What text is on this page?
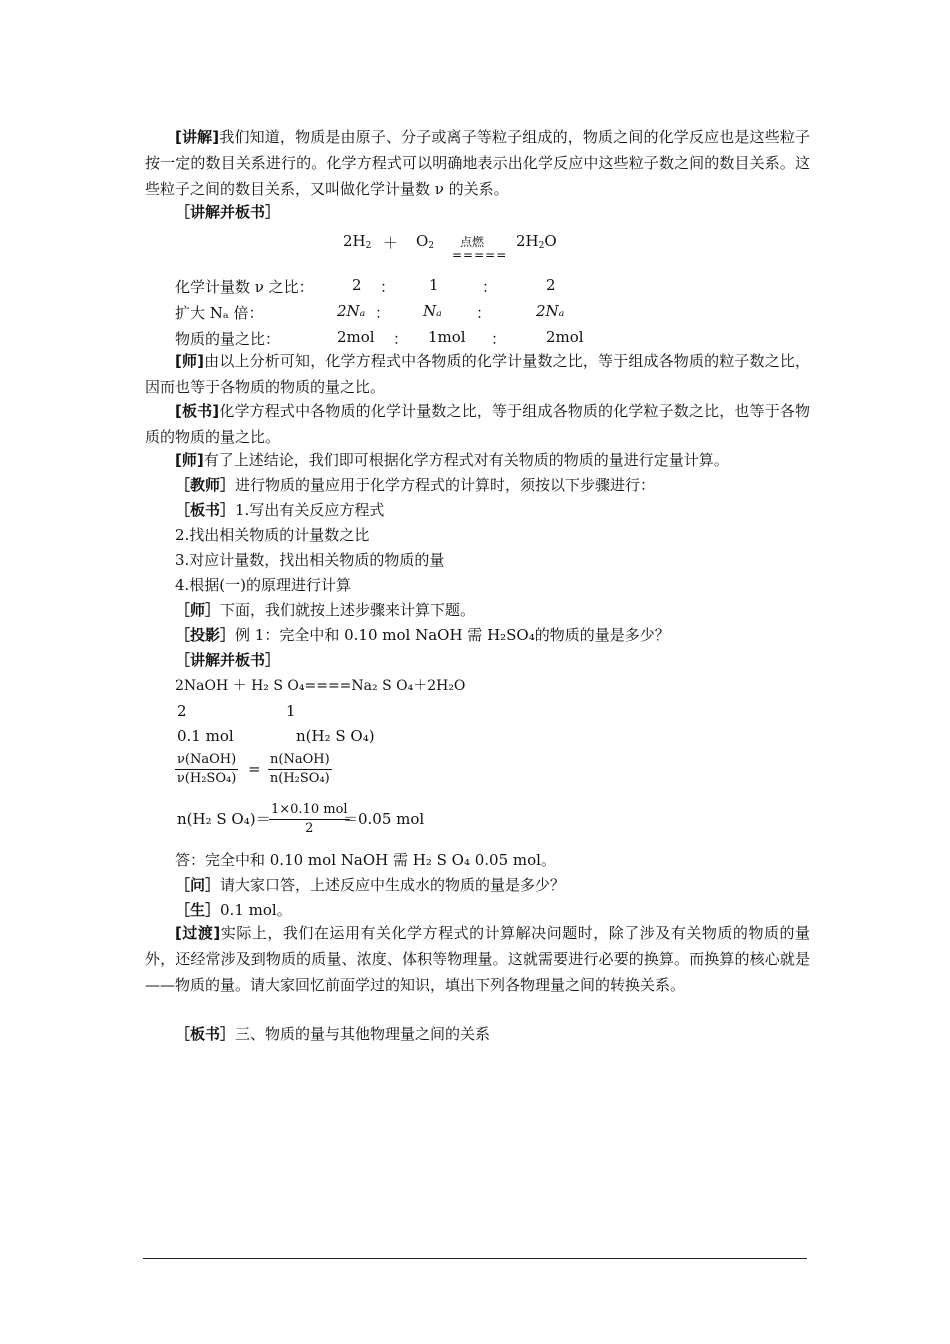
[讲解]我们知道，物质是由原子、分子或离子等粒子组成的，物质之间的化学反应也是这些粒子按一定的数目关系进行的。化学方程式可以明确地表示出化学反应中这些粒子数之间的数目关系。这些粒子之间的数目关系，又叫做化学计量数 ν 的关系。
［讲解并板书］
$2H_2 + O_2$ 点燃
=====
$2H_2O$
化学计量数 ν 之比：	2 ： 1	：	2
扩大 Nₐ 倍：	2Nₐ ： Nₐ ：	2Nₐ
物质的量之比：	2mol ： 1mol ：	2mol
[师]由以上分析可知，化学方程式中各物质的化学计量数之比，等于组成各物质的粒子数之比，因而也等于各物质的物质的量之比。
[板书]化学方程式中各物质的化学计量数之比，等于组成各物质的化学粒子数之比，也等于各物质的物质的量之比。
[师]有了上述结论，我们即可根据化学方程式对有关物质的物质的量进行定量计算。
［教师］进行物质的量应用于化学方程式的计算时，须按以下步骤进行：
［板书］1.写出有关反应方程式
2.找出相关物质的计量数之比
3.对应计量数，找出相关物质的物质的量
4.根据(一)的原理进行计算
［师］下面，我们就按上述步骤来计算下题。
［投影］例 1：完全中和 0.10 mol NaOH 需 H₂SO₄的物质的量是多少？
［讲解并板书］
2NaOH ＋ H₂ S O₄====Na₂ S O₄＋2H₂O
2	1
0.1 mol	n(H₂ S O₄)
ν(NaOH)
ν(H₂SO₄)
=
n(NaOH)
n(H₂SO₄)
n(H₂ S O₄)＝
1×0.10 mol
2
＝0.05 mol
答：完全中和 0.10 mol NaOH 需 H₂ S O₄ 0.05 mol。
［问］请大家口答，上述反应中生成水的物质的量是多少？
［生］0.1 mol。
[过渡]实际上，我们在运用有关化学方程式的计算解决问题时，除了涉及有关物质的物质的量外，还经常涉及到物质的质量、浓度、体积等物理量。这就需要进行必要的换算。而换算的核心就是——物质的量。请大家回忆前面学过的知识，填出下列各物理量之间的转换关系。
［板书］三、物质的量与其他物理量之间的关系
